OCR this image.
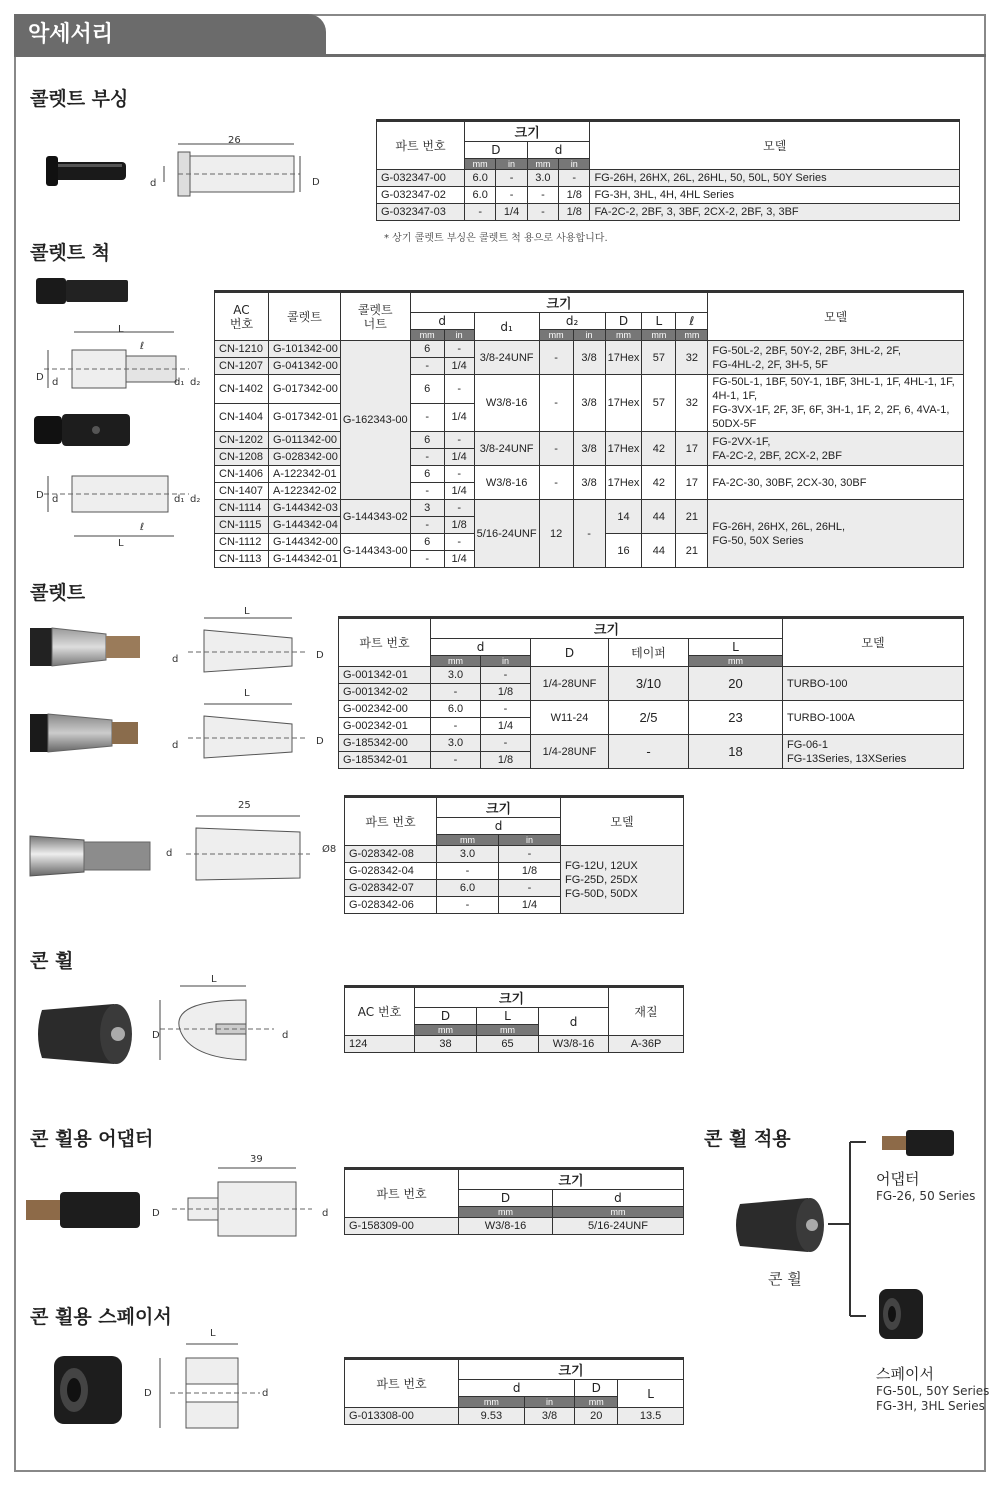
악세서리
콜렛트 부싱
26
d	D
파트 번호	크기				모델
	D		d		
	mm	in	mm	in	
G-032347-00	6.0	-	3.0	-	FG-26H, 26HX, 26L, 26HL, 50, 50L, 50Y Series
G-032347-02	6.0	-	-	1/8	FG-3H, 3HL, 4H, 4HL Series
G-032347-03	-	1/4	-	1/8	FA-2C-2, 2BF, 3, 3BF, 2CX-2, 2BF, 3, 3BF
* 상기 콜렛트 부싱은 콜렛트 척 용으로 사용합니다.
콜렛트 척
L
ℓ
D d	d₁ d₂
D d	d₁ d₂
ℓ
L
AC
번호	콜렛트	콜렛트
너트	크기								모델
			d		d₁	d₂		D	L	ℓ	
			mm	in		mm	in	mm	mm	mm	
CN-1210	G-101342-00	G-162343-00	6	-	3/8-24UNF	-	3/8	17Hex	57	32	FG-50L-2, 2BF, 50Y-2, 2BF, 3HL-2, 2F,
FG-4HL-2, 2F, 3H-5, 5F
CN-1207	G-041342-00		-	1/4							
CN-1402	G-017342-00		6	-	W3/8-16	-	3/8	17Hex	57	32	FG-50L-1, 1BF, 50Y-1, 1BF, 3HL-1, 1F, 4HL-1, 1F, 4H-1, 1F,
FG-3VX-1F, 2F, 3F, 6F, 3H-1, 1F, 2, 2F, 6, 4VA-1, 50DX-5F
CN-1404	G-017342-01		-	1/4							
CN-1202	G-011342-00		6	-	3/8-24UNF	-	3/8	17Hex	42	17	FG-2VX-1F,
FA-2C-2, 2BF, 2CX-2, 2BF
CN-1208	G-028342-00		-	1/4							
CN-1406	A-122342-01		6	-	W3/8-16	-	3/8	17Hex	42	17	FA-2C-30, 30BF, 2CX-30, 30BF
CN-1407	A-122342-02		-	1/4							
CN-1114	G-144342-03	G-144343-02	3	-	5/16-24UNF	12	-	14	44	21	FG-26H, 26HX, 26L, 26HL,
FG-50, 50X Series
CN-1115	G-144342-04		-	1/8							
CN-1112	G-144342-00	G-144343-00	6	-				16	44	21	
CN-1113	G-144342-01		-	1/4							
콜렛트
L
d	D
L
d	D
파트 번호	크기					모델
	d		D	테이퍼	L	
	mm	in			mm	
G-001342-01	3.0	-	1/4-28UNF	3/10	20	TURBO-100
G-001342-02	-	1/8				
G-002342-00	6.0	-	W11-24	2/5	23	TURBO-100A
G-002342-01	-	1/4				
G-185342-00	3.0	-	1/4-28UNF	-	18	FG-06-1
FG-13Series, 13XSeries
G-185342-01	-	1/8				
25
d	Ø8
파트 번호	크기		모델
	d		
	mm	in	
G-028342-08	3.0	-	FG-12U, 12UX
FG-25D, 25DX
FG-50D, 50DX
G-028342-04	-	1/8	
G-028342-07	6.0	-	
G-028342-06	-	1/4	
콘 휠
L
D	d
AC 번호	크기			재질
	D	L	d	
	mm	mm		
124	38	65	W3/8-16	A-36P
콘 휠용 어댑터
39
D	d
파트 번호	크기	
	D	d
	mm	mm
G-158309-00	W3/8-16	5/16-24UNF
콘 휠용 스페이서
L
D	d
파트 번호	크기			
	d		D	L
	mm	in	mm	
G-013308-00	9.53	3/8	20	13.5
콘 휠 적용
콘 휠
어댑터
FG-26, 50 Series

스페이서
FG-50L, 50Y Series
FG-3H, 3HL Series
